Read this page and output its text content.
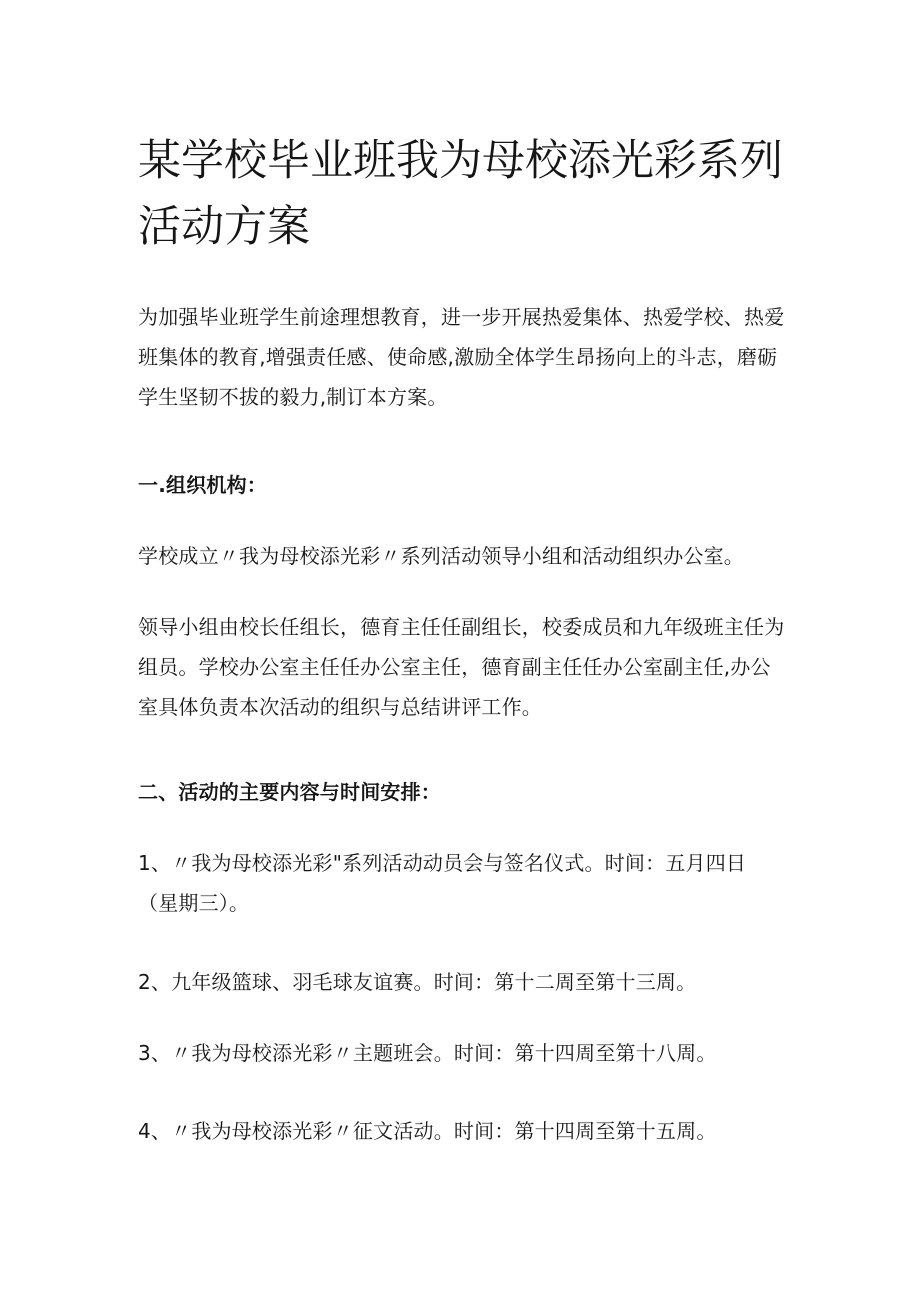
某学校毕业班我为母校添光彩系列活动方案

为加强毕业班学生前途理想教育，进一步开展热爱集体、热爱学校、热爱班集体的教育,增强责任感、使命感,激励全体学生昂扬向上的斗志，磨砺学生坚韧不拔的毅力,制订本方案。

一.组织机构：

学校成立〃我为母校添光彩〃系列活动领导小组和活动组织办公室。

领导小组由校长任组长，德育主任任副组长，校委成员和九年级班主任为组员。学校办公室主任任办公室主任，德育副主任任办公室副主任,办公室具体负责本次活动的组织与总结讲评工作。

二、活动的主要内容与时间安排：

1、〃我为母校添光彩"系列活动动员会与签名仪式。时间：五月四日（星期三）。

2、九年级篮球、羽毛球友谊赛。时间：第十二周至第十三周。

3、〃我为母校添光彩〃主题班会。时间：第十四周至第十八周。

4、〃我为母校添光彩〃征文活动。时间：第十四周至第十五周。
